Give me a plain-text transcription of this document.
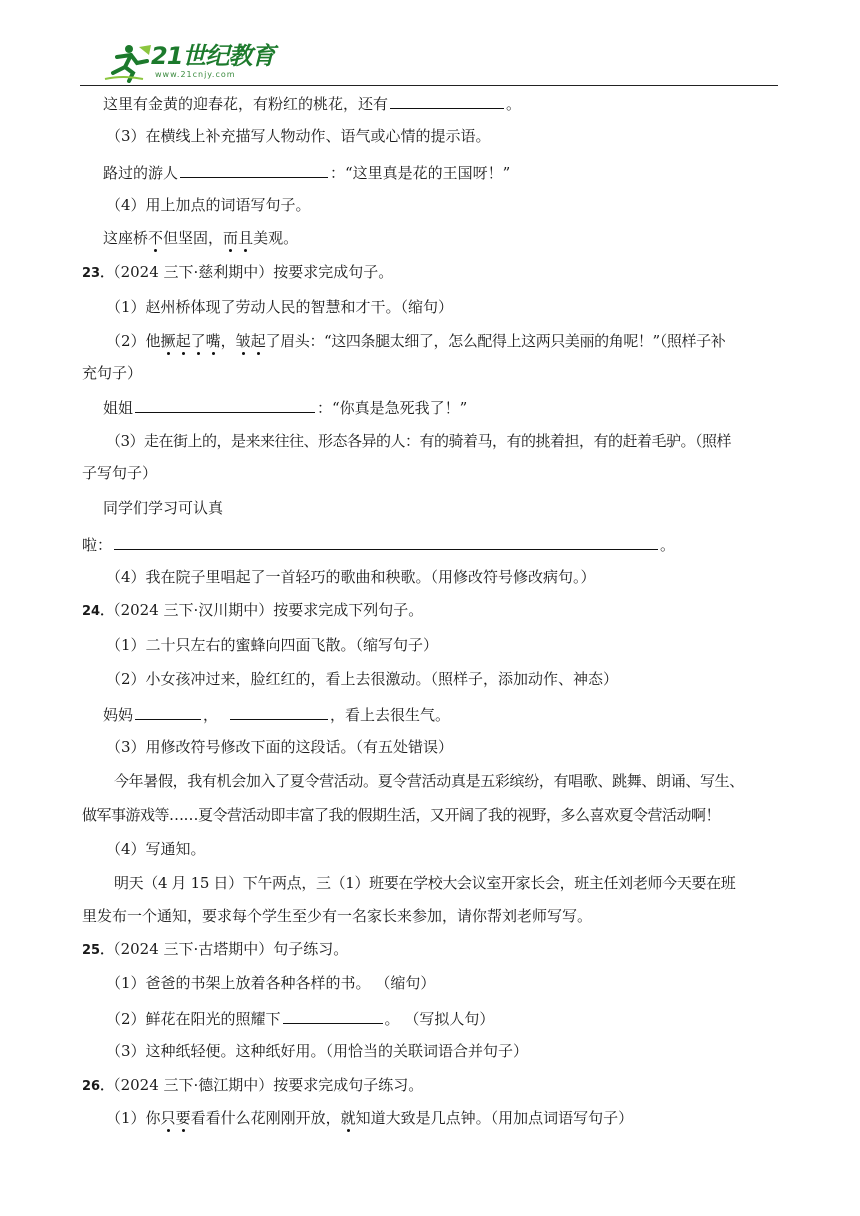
21世纪教育
www.21cnjy.com
这里有金黄的迎春花，有粉红的桃花，还有	。
（3）在横线上补充描写人物动作、语气或心情的提示语。
路过的游人	：“这里真是花的王国呀！”
（4）用上加点的词语写句子。
这座桥不但坚固，而且美观。
23．（2024 三下·慈利期中）按要求完成句子。
（1）赵州桥体现了劳动人民的智慧和才干。（缩句）
（2）他撅起了嘴，皱起了眉头：“这四条腿太细了，怎么配得上这两只美丽的角呢！”（照样子补
充句子）
姐姐	：“你真是急死我了！”
（3）走在街上的，是来来往往、形态各异的人：有的骑着马，有的挑着担，有的赶着毛驴。（照样
子写句子）
同学们学习可认真
啦：	。
（4）我在院子里唱起了一首轻巧的歌曲和秧歌。（用修改符号修改病句。）
24．（2024 三下·汉川期中）按要求完成下列句子。
（1）二十只左右的蜜蜂向四面飞散。（缩写句子）
（2）小女孩冲过来，脸红红的，看上去很激动。（照样子，添加动作、神态）
妈妈	，	，看上去很生气。
（3）用修改符号修改下面的这段话。（有五处错误）
今年暑假，我有机会加入了夏令营活动。夏令营活动真是五彩缤纷，有唱歌、跳舞、朗诵、写生、
做军事游戏等……夏令营活动即丰富了我的假期生活，又开阔了我的视野，多么喜欢夏令营活动啊！
（4）写通知。
明天（4 月 15 日）下午两点，三（1）班要在学校大会议室开家长会，班主任刘老师今天要在班
里发布一个通知，要求每个学生至少有一名家长来参加，请你帮刘老师写写。
25．（2024 三下·古塔期中）句子练习。
（1）爸爸的书架上放着各种各样的书。 （缩句）
（2）鲜花在阳光的照耀下	。 （写拟人句）
（3）这种纸轻便。这种纸好用。（用恰当的关联词语合并句子）
26．（2024 三下·德江期中）按要求完成句子练习。
（1）你只要看看什么花刚刚开放，就知道大致是几点钟。（用加点词语写句子）
